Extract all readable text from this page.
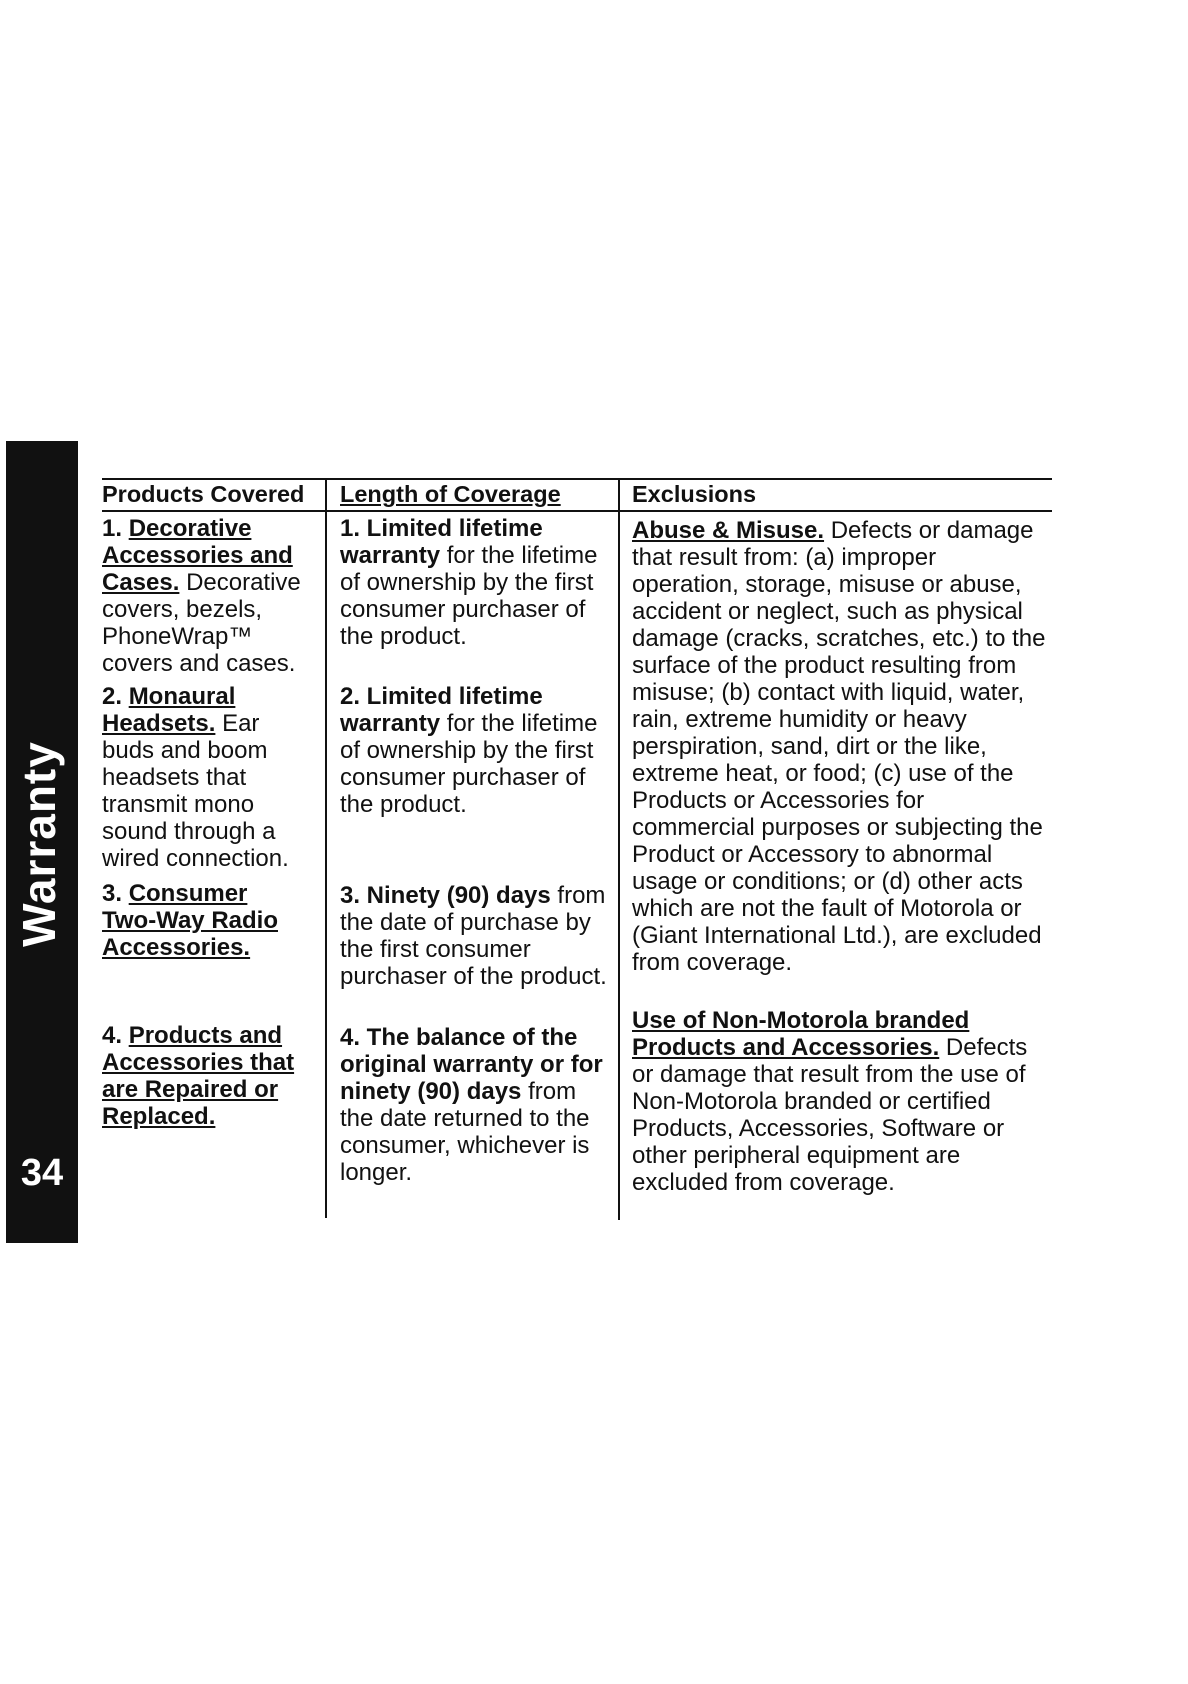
Warranty
34
Products Covered	Length of Coverage	Exclusions
1. Decorative Accessories and Cases. Decorative covers, bezels, PhoneWrap™ covers and cases.
2. Monaural Headsets. Ear buds and boom headsets that transmit mono sound through a wired connection.
3. Consumer Two-Way Radio Accessories.
4. Products and Accessories that are Repaired or Replaced.
1. Limited lifetime warranty for the lifetime of ownership by the first consumer purchaser of the product.
2. Limited lifetime warranty for the lifetime of ownership by the first consumer purchaser of the product.
3. Ninety (90) days from the date of purchase by the first consumer purchaser of the product.
4. The balance of the original warranty or for ninety (90) days from the date returned to the consumer, whichever is longer.
Abuse & Misuse. Defects or damage that result from: (a) improper operation, storage, misuse or abuse, accident or neglect, such as physical damage (cracks, scratches, etc.) to the surface of the product resulting from misuse; (b) contact with liquid, water, rain, extreme humidity or heavy perspiration, sand, dirt or the like, extreme heat, or food; (c) use of the Products or Accessories for commercial purposes or subjecting the Product or Accessory to abnormal usage or conditions; or (d) other acts which are not the fault of Motorola or (Giant International Ltd.), are excluded from coverage.
Use of Non-Motorola branded Products and Accessories. Defects or damage that result from the use of Non-Motorola branded or certified Products, Accessories, Software or other peripheral equipment are excluded from coverage.
